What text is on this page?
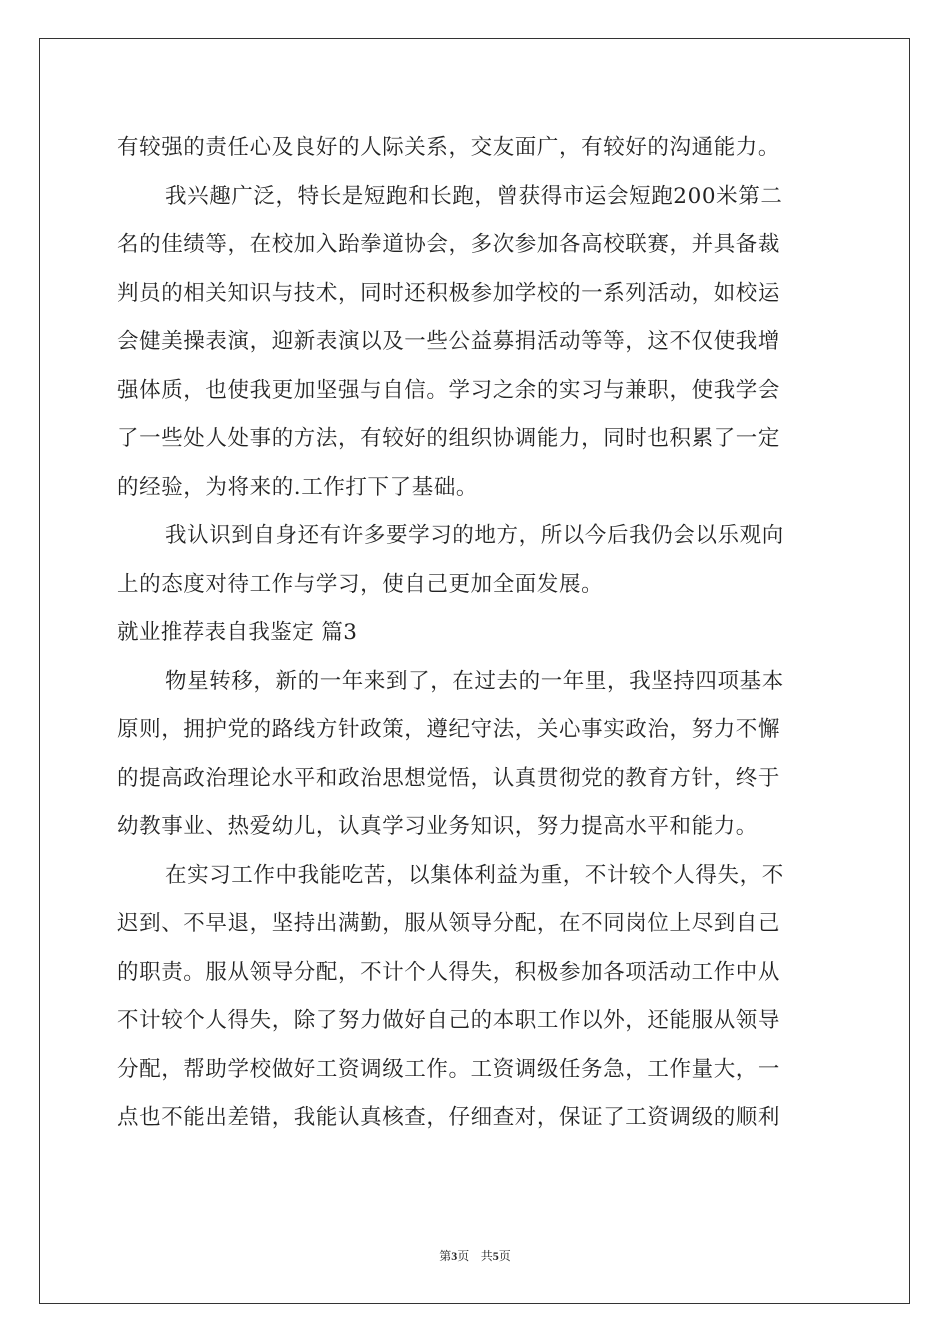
有较强的责任心及良好的人际关系，交友面广，有较好的沟通能力。
我兴趣广泛，特长是短跑和长跑，曾获得市运会短跑200米第二
名的佳绩等，在校加入跆拳道协会，多次参加各高校联赛，并具备裁
判员的相关知识与技术，同时还积极参加学校的一系列活动，如校运
会健美操表演，迎新表演以及一些公益募捐活动等等，这不仅使我增
强体质，也使我更加坚强与自信。学习之余的实习与兼职，使我学会
了一些处人处事的方法，有较好的组织协调能力，同时也积累了一定
的经验，为将来的.工作打下了基础。
我认识到自身还有许多要学习的地方，所以今后我仍会以乐观向
上的态度对待工作与学习，使自己更加全面发展。
就业推荐表自我鉴定 篇3
物星转移，新的一年来到了，在过去的一年里，我坚持四项基本
原则，拥护党的路线方针政策，遵纪守法，关心事实政治，努力不懈
的提高政治理论水平和政治思想觉悟，认真贯彻党的教育方针，终于
幼教事业、热爱幼儿，认真学习业务知识，努力提高水平和能力。
在实习工作中我能吃苦，以集体利益为重，不计较个人得失，不
迟到、不早退，坚持出满勤，服从领导分配，在不同岗位上尽到自己
的职责。服从领导分配，不计个人得失，积极参加各项活动工作中从
不计较个人得失，除了努力做好自己的本职工作以外，还能服从领导
分配，帮助学校做好工资调级工作。工资调级任务急，工作量大，一
点也不能出差错，我能认真核查，仔细查对，保证了工资调级的顺利
第3页 共5页
